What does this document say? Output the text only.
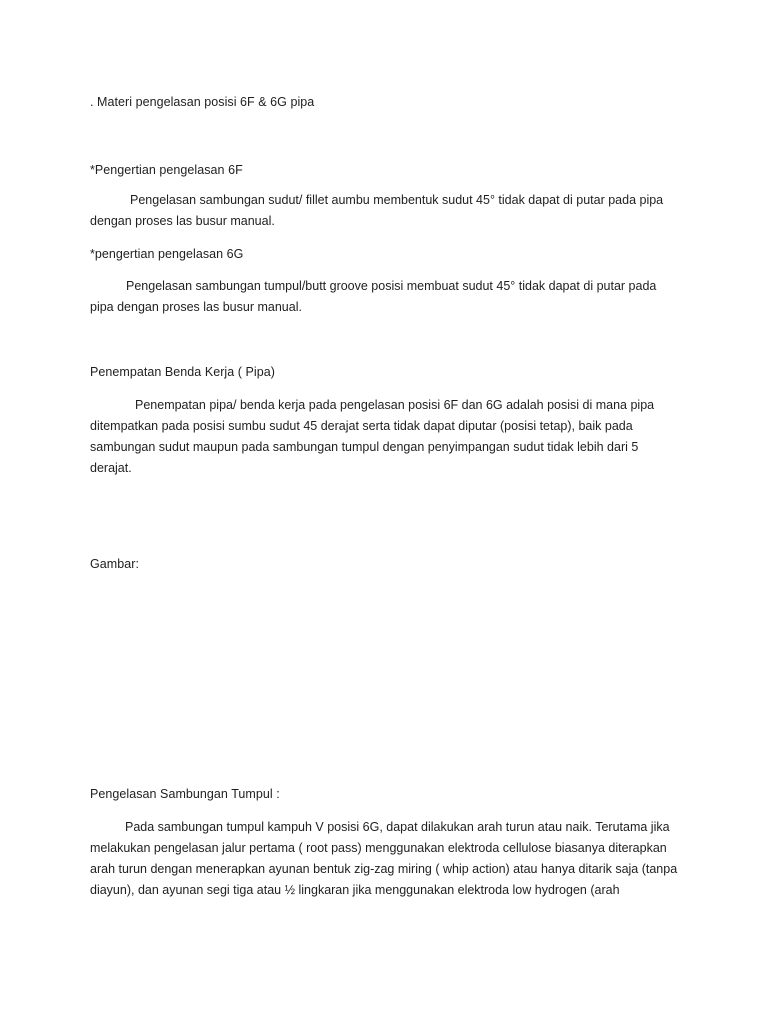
. Materi pengelasan posisi 6F & 6G pipa
*Pengertian pengelasan 6F

Pengelasan sambungan sudut/ fillet aumbu membentuk sudut 45° tidak dapat di putar pada pipa dengan proses las busur manual.

*pengertian pengelasan 6G

Pengelasan sambungan tumpul/butt groove posisi membuat sudut 45° tidak dapat di putar pada pipa dengan proses las busur manual.

Penempatan Benda Kerja ( Pipa)

Penempatan pipa/ benda kerja pada pengelasan posisi 6F dan 6G adalah posisi di mana pipa ditempatkan pada posisi sumbu sudut 45 derajat serta tidak dapat diputar (posisi tetap), baik pada sambungan sudut maupun pada sambungan tumpul dengan penyimpangan sudut tidak lebih dari 5 derajat.

Gambar:
Pengelasan Sambungan Tumpul :

Pada sambungan tumpul kampuh V posisi 6G, dapat dilakukan arah turun atau naik. Terutama jika melakukan pengelasan jalur pertama ( root pass) menggunakan elektroda cellulose biasanya diterapkan arah turun dengan menerapkan ayunan bentuk zig-zag miring ( whip action) atau hanya ditarik saja (tanpa diayun), dan ayunan segi tiga atau ½ lingkaran jika menggunakan elektroda low hydrogen (arah
